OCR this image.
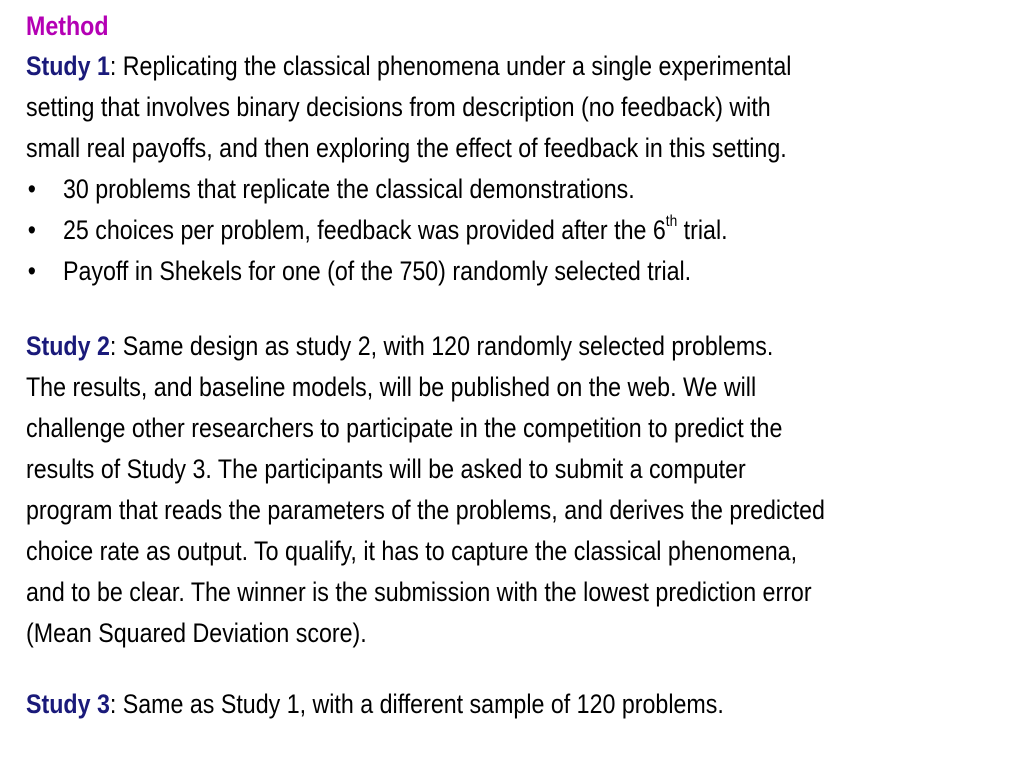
Method
Study 1: Replicating the classical phenomena under a single experimental
setting that involves binary decisions from description (no feedback) with
small real payoffs, and then exploring the effect of feedback in this setting.
• 30 problems that replicate the classical demonstrations.
• 25 choices per problem, feedback was provided after the 6th trial.
• Payoff in Shekels for one (of the 750) randomly selected trial.
Study 2: Same design as study 2, with 120 randomly selected problems.
The results, and baseline models, will be published on the web. We will
challenge other researchers to participate in the competition to predict the
results of Study 3. The participants will be asked to submit a computer
program that reads the parameters of the problems, and derives the predicted
choice rate as output. To qualify, it has to capture the classical phenomena,
and to be clear. The winner is the submission with the lowest prediction error
(Mean Squared Deviation score).
Study 3: Same as Study 1, with a different sample of 120 problems.
